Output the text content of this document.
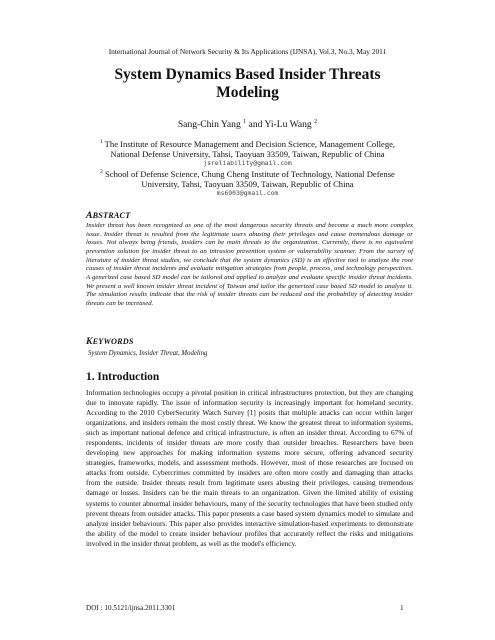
International Journal of Network Security & Its Applications (IJNSA), Vol.3, No.3, May 2011
System Dynamics Based Insider Threats
Modeling
Sang-Chin Yang $^1$ and Yi-Lu Wang $^2$
$^1$ The Institute of Resource Management and Decision Science, Management College,
National Defense University, Tahsi, Taoyuan 33509, Taiwan, Republic of China
jsreliability@gmail.com
$^2$ School of Defense Science, Chung Cheng Institute of Technology, National Defense
University, Tahsi, Taoyuan 33509, Taiwan, Republic of China
ms6903@gmail.com
ABSTRACT
Insider threat has been recognized as one of the most dangerous security threats and become a much more complex issue. Insider threat is resulted from the legitimate users abusing their privileges and cause tremendous damage or losses. Not always being friends, insiders can be main threats to the organization. Currently, there is no equivalent prevention solution for insider threat to an intrusion prevention system or vulnerability scanner. From the survey of literature of insider threat studies, we conclude that the system dynamics (SD) is an effective tool to analyze the root causes of insider threat incidents and evaluate mitigation strategies from people, process, and technology perspectives. A generized case based SD model can be tailored and applied to analyze and evaluate specific insider threat incidents. We present a well known insider threat incident of Taiwan and tailor the generized case based SD model to analyze it. The simulation results indicate that the risk of insider threats can be reduced and the probability of detecting insider threats can be increased.
KEYWORDS
System Dynamics, Insider Threat, Modeling
1. Introduction
Information technologies occupy a pivotal position in critical infrastructures protection, but they are changing due to innovate rapidly. The issue of information security is increasingly important for homeland security. According to the 2010 CyberSecurity Watch Survey [1] posits that multiple attacks can occur within larger organizations, and insiders remain the most costly threat. We know the greatest threat to information systems, such as important national defence and critical infrastructure, is often an insider threat. According to 67% of respondents, incidents of insider threats are more costly than outsider breaches. Researchers have been developing new approaches for making information systems more secure, offering advanced security strategies, frameworks, models, and assessment methods. However, most of those researches are focused on attacks from outside. Cybercrimes committed by insiders are often more costly and damaging than attacks from the outside. Insider threats result from legitimate users abusing their privileges, causing tremendous damage or losses. Insiders can be the main threats to an organization. Given the limited ability of existing systems to counter abnormal insider behaviours, many of the security technologies that have been studied only prevent threats from outsider attacks. This paper presents a case based system dynamics model to simulate and analyze insider behaviours. This paper also provides interactive simulation-based experiments to demonstrate the ability of the model to create insider behaviour profiles that accurately reflect the risks and mitigations involved in the insider threat problem, as well as the model's efficiency.
DOI : 10.5121/ijnsa.2011.3301	1
